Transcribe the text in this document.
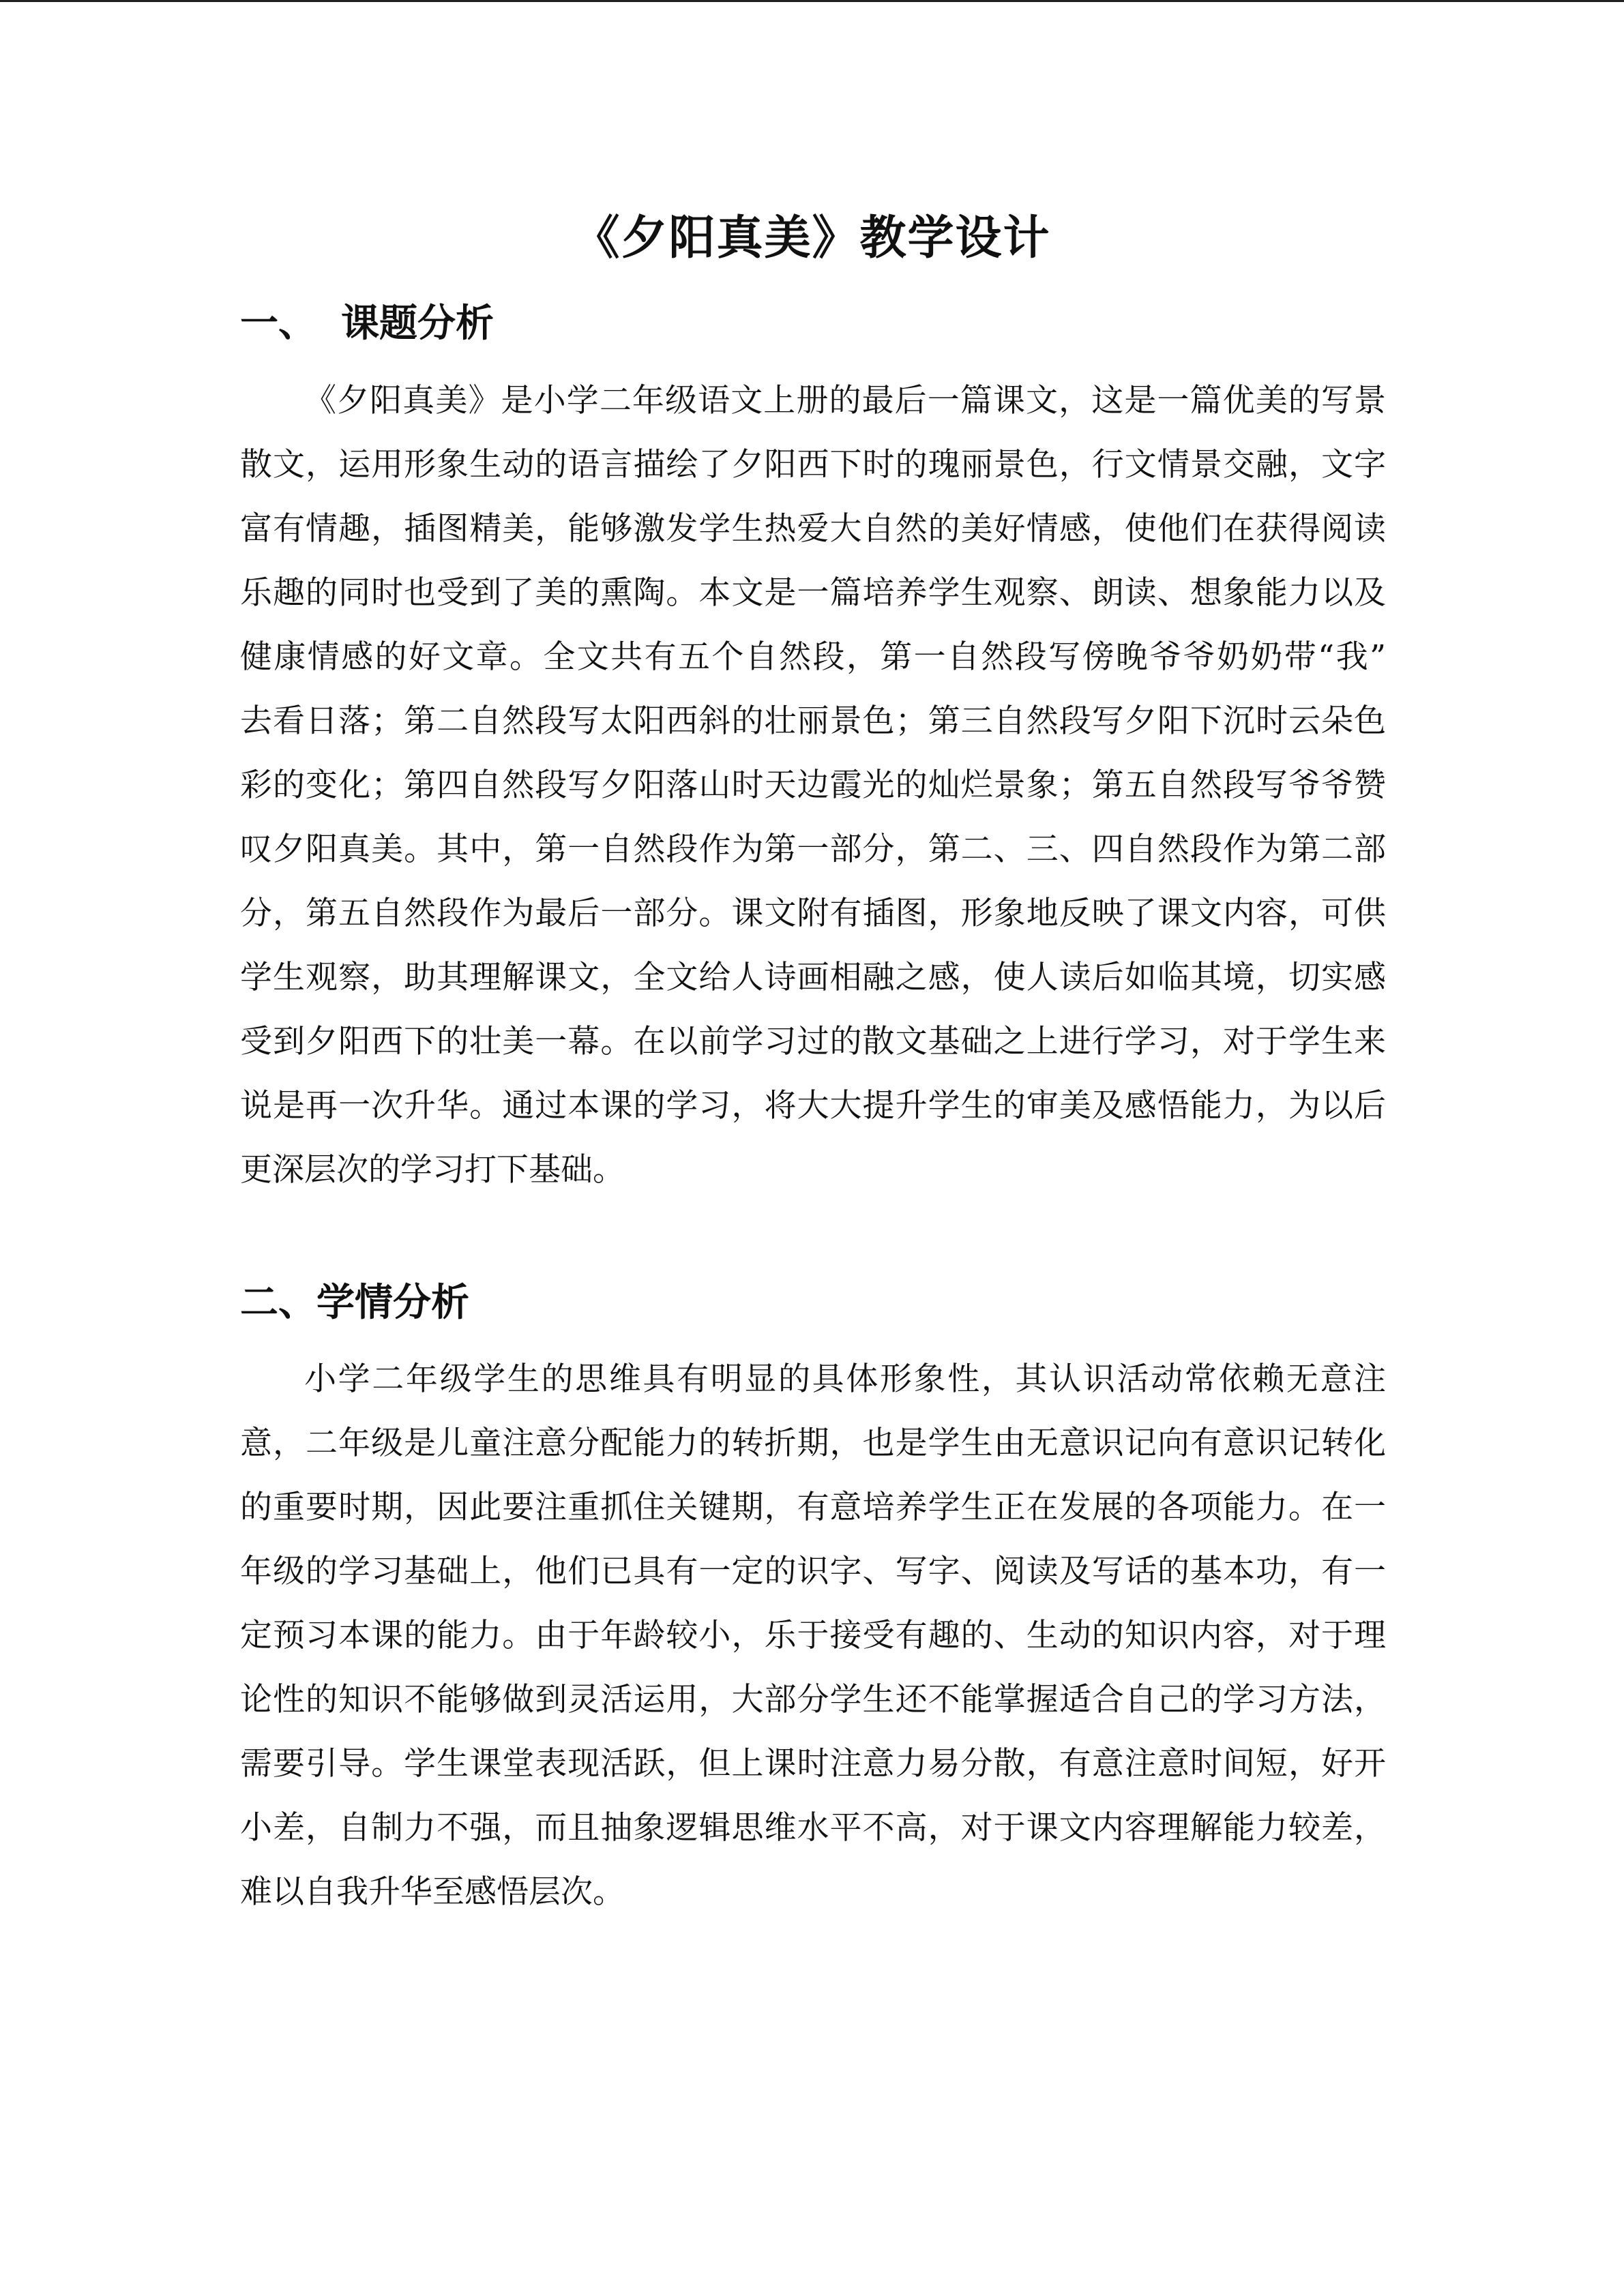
《夕阳真美》教学设计
一、 课题分析
《夕阳真美》是小学二年级语文上册的最后一篇课文，这是一篇优美的写景
散文，运用形象生动的语言描绘了夕阳西下时的瑰丽景色，行文情景交融，文字
富有情趣，插图精美，能够激发学生热爱大自然的美好情感，使他们在获得阅读
乐趣的同时也受到了美的熏陶。本文是一篇培养学生观察、朗读、想象能力以及
健康情感的好文章。全文共有五个自然段，第一自然段写傍晚爷爷奶奶带“我”
去看日落；第二自然段写太阳西斜的壮丽景色；第三自然段写夕阳下沉时云朵色
彩的变化；第四自然段写夕阳落山时天边霞光的灿烂景象；第五自然段写爷爷赞
叹夕阳真美。其中，第一自然段作为第一部分，第二、三、四自然段作为第二部
分，第五自然段作为最后一部分。课文附有插图，形象地反映了课文内容，可供
学生观察，助其理解课文，全文给人诗画相融之感，使人读后如临其境，切实感
受到夕阳西下的壮美一幕。在以前学习过的散文基础之上进行学习，对于学生来
说是再一次升华。通过本课的学习，将大大提升学生的审美及感悟能力，为以后
更深层次的学习打下基础。
二、学情分析
小学二年级学生的思维具有明显的具体形象性，其认识活动常依赖无意注
意，二年级是儿童注意分配能力的转折期，也是学生由无意识记向有意识记转化
的重要时期，因此要注重抓住关键期，有意培养学生正在发展的各项能力。在一
年级的学习基础上，他们已具有一定的识字、写字、阅读及写话的基本功，有一
定预习本课的能力。由于年龄较小，乐于接受有趣的、生动的知识内容，对于理
论性的知识不能够做到灵活运用，大部分学生还不能掌握适合自己的学习方法，
需要引导。学生课堂表现活跃，但上课时注意力易分散，有意注意时间短，好开
小差，自制力不强，而且抽象逻辑思维水平不高，对于课文内容理解能力较差，
难以自我升华至感悟层次。
